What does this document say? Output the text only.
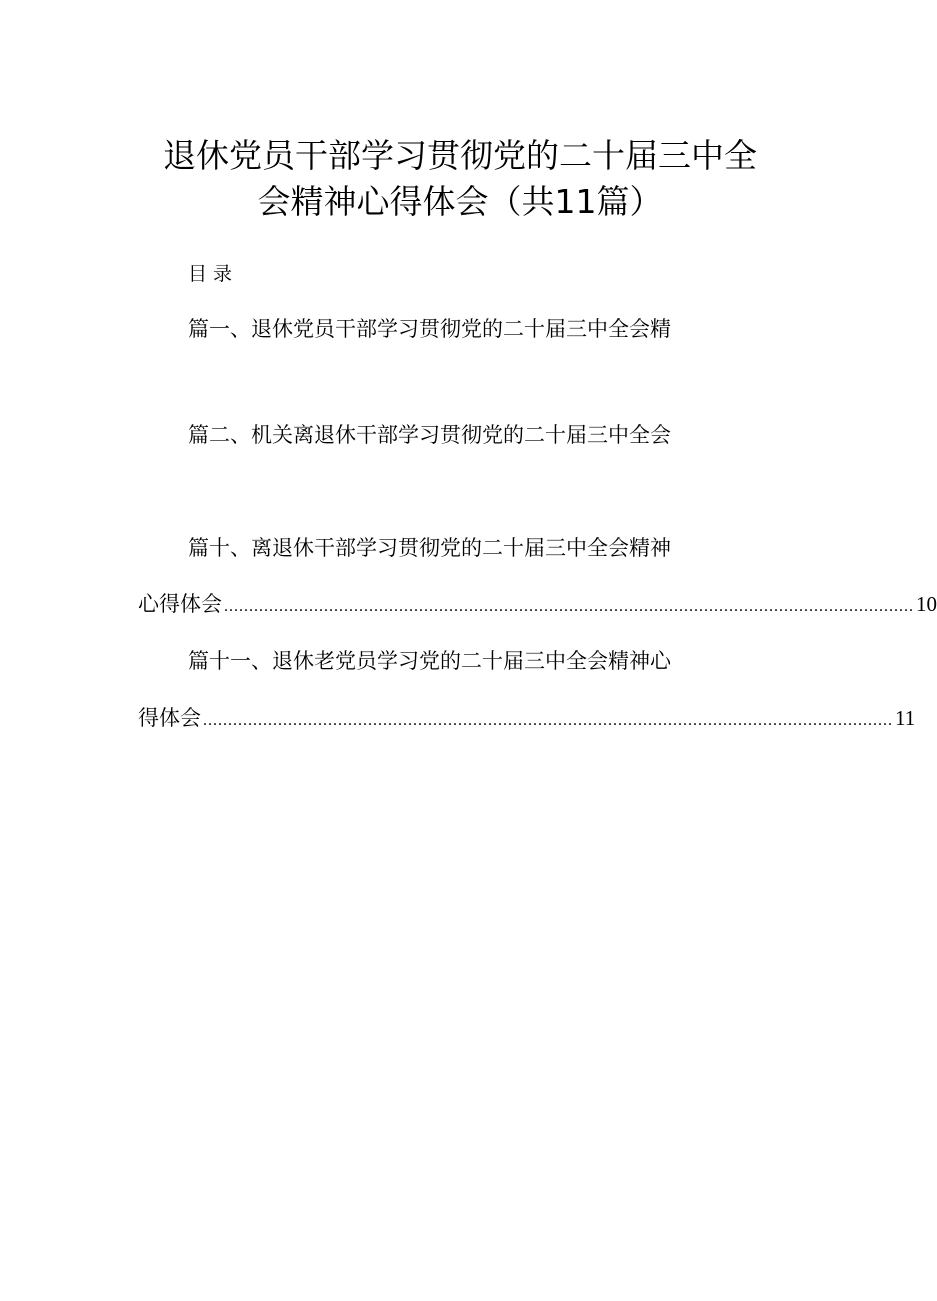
退休党员干部学习贯彻党的二十届三中全
会精神心得体会（共11篇）
目录
篇一、退休党员干部学习贯彻党的二十届三中全会精
篇二、机关离退休干部学习贯彻党的二十届三中全会
篇十、离退休干部学习贯彻党的二十届三中全会精神
心得体会 .......................................................................................................................................... 10
篇十一、退休老党员学习党的二十届三中全会精神心
得体会 .......................................................................................................................................... 11
